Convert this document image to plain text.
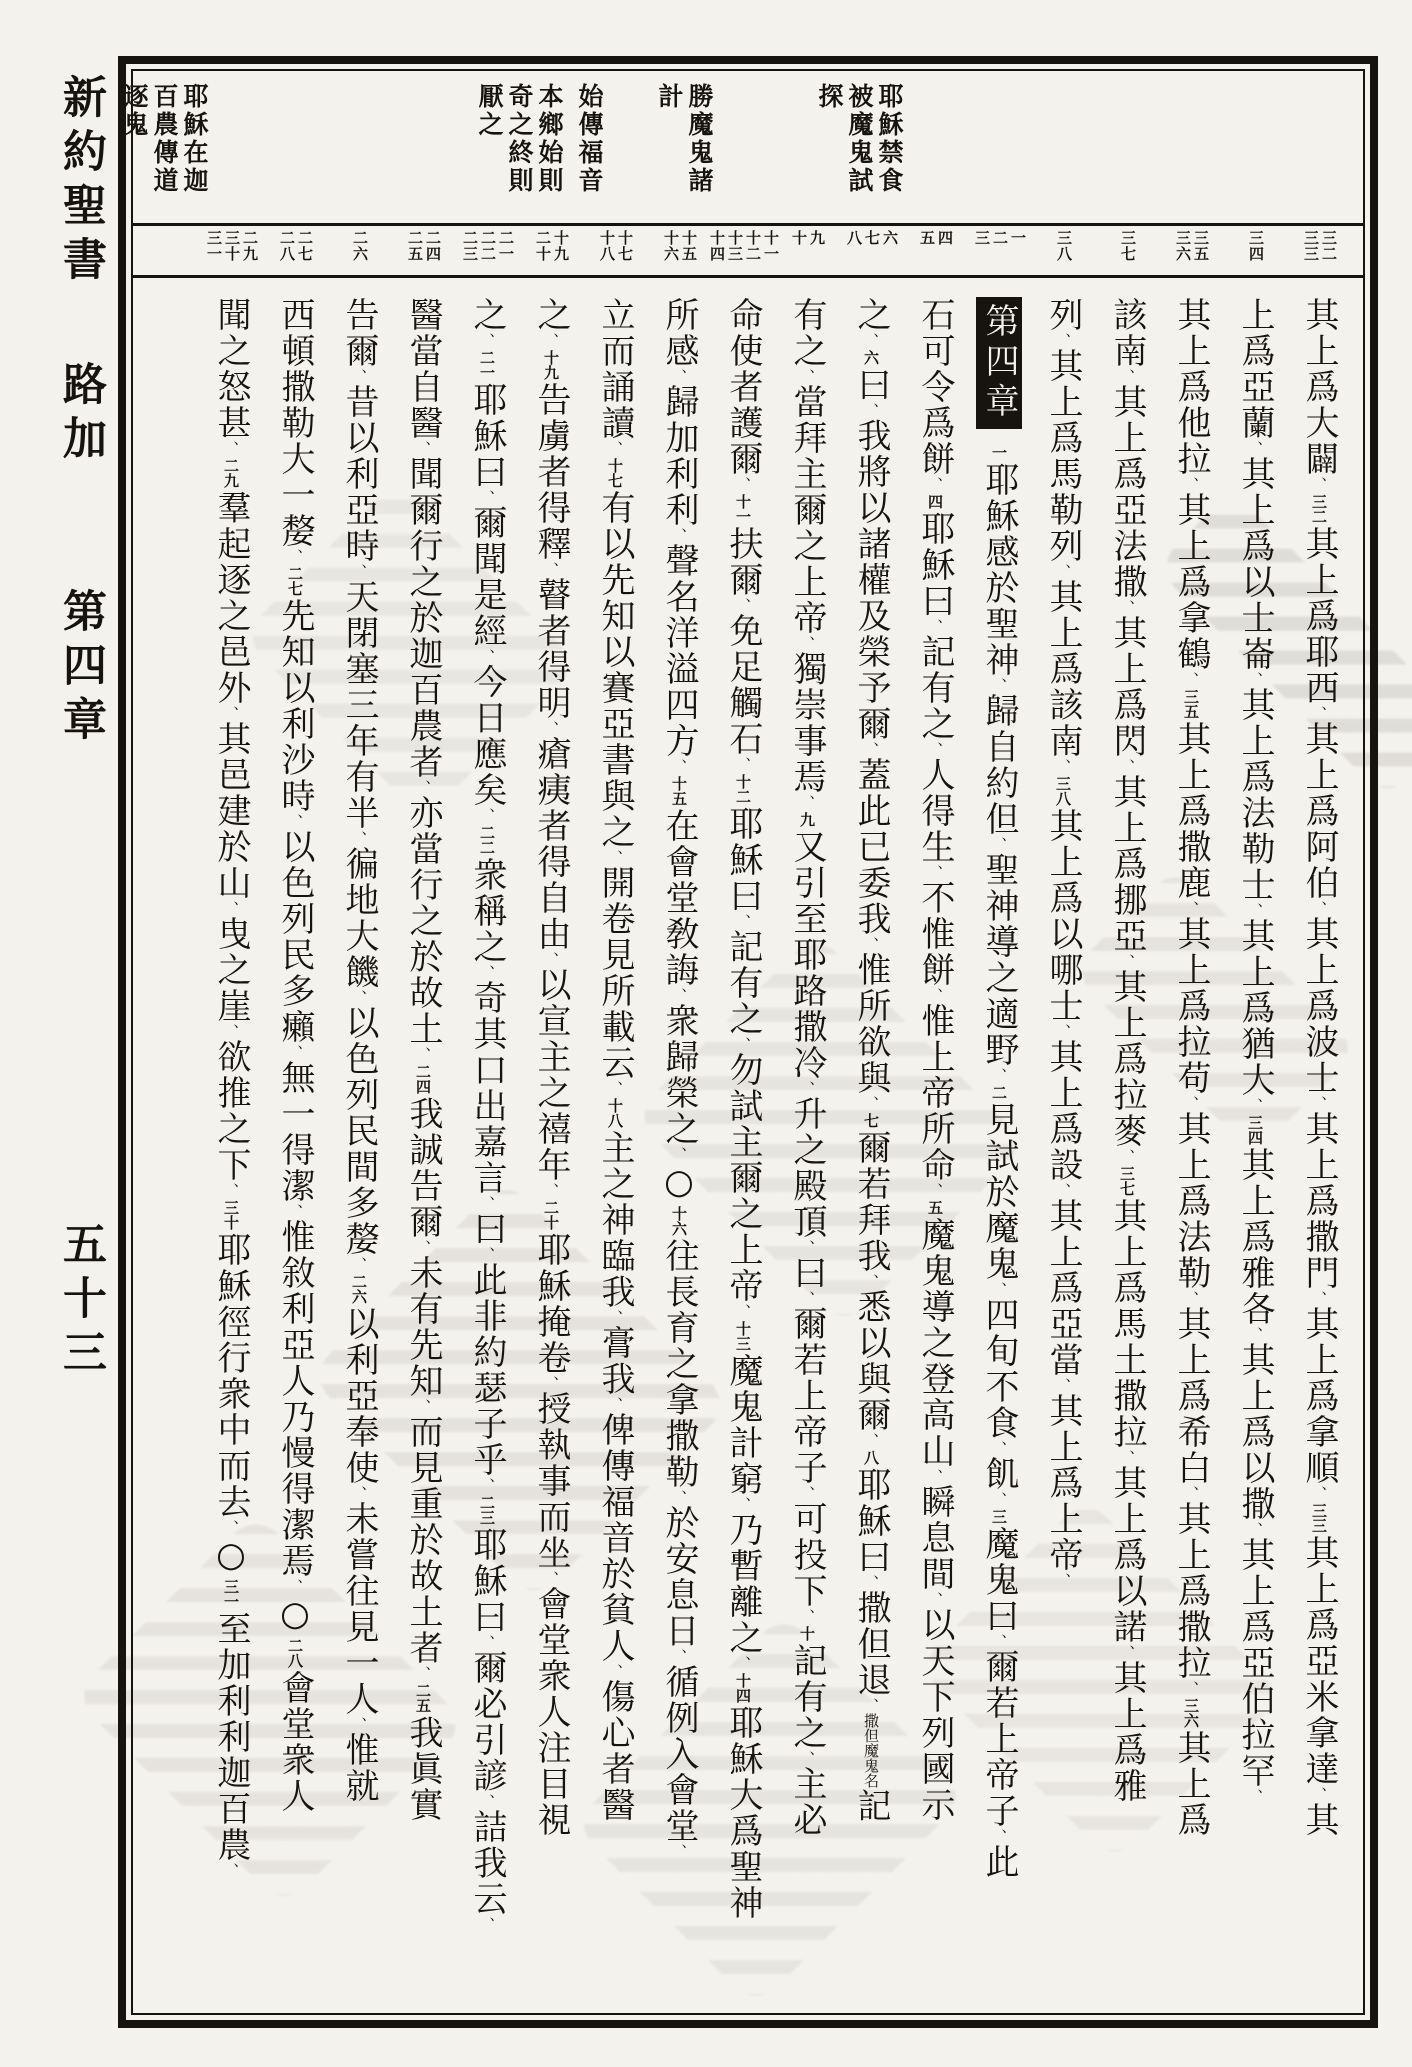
新約聖書
路加
第四章
五十三
耶穌禁食
被魔鬼試
探
勝魔鬼諸
計
始傳福音
本鄉始則
奇之終則
厭之
耶穌在迦
百農傳道
逐鬼
三二
三三
三四
三五
三六
三七
三八
一
二
三
四
五
六
七
八
九
十
十一
十二
十三
十四
十五
十六
十七
十八
十九
二十
二一
二二
二三
二四
二五
二六
二七
二八
二九
三十
三一
其上爲大闢、三二其上爲耶西、其上爲阿伯、其上爲波士、其上爲撒門、其上爲拿順、三三其上爲亞米拿達、其
上爲亞蘭、其上爲以士崙、其上爲法勒士、其上爲猶大、三四其上爲雅各、其上爲以撒、其上爲亞伯拉罕、
其上爲他拉、其上爲拿鶴、三五其上爲撒鹿、其上爲拉苟、其上爲法勒、其上爲希白、其上爲撒拉、三六其上爲
該南、其上爲亞法撒、其上爲閃、其上爲挪亞、其上爲拉麥、三七其上爲馬土撒拉、其上爲以諾、其上爲雅
列、其上爲馬勒列、其上爲該南、三八其上爲以哪士、其上爲設、其上爲亞當、其上爲上帝、
第四章一耶穌感於聖神、歸自約但、聖神導之適野、二見試於魔鬼、四旬不食、飢、三魔鬼曰、爾若上帝子、此
石可令爲餅、四耶穌曰、記有之、人得生、不惟餅、惟上帝所命、五魔鬼導之登高山、瞬息間、以天下列國示
之、六曰、我將以諸權及榮予爾、蓋此已委我、惟所欲與、七爾若拜我、悉以與爾、八耶穌曰、撒但退、撒但魔鬼名記
有之、當拜主爾之上帝、獨崇事焉、九又引至耶路撒冷、升之殿頂、曰、爾若上帝子、可投下、十記有之、主必
命使者護爾、十一扶爾、免足觸石、十二耶穌曰、記有之、勿試主爾之上帝、十三魔鬼計窮、乃暫離之、十四耶穌大爲聖神
所感、歸加利利、聲名洋溢四方、十五在會堂敎誨、衆歸榮之、○十六往長育之拿撒勒、於安息日、循例入會堂、
立而誦讀、十七有以先知以賽亞書與之、開卷見所載云、十八主之神臨我、膏我、俾傳福音於貧人、傷心者醫
之、十九告虜者得釋、瞽者得明、瘡痍者得自由、以宣主之禧年、二十耶穌掩卷、授執事而坐、會堂衆人注目視
之、二一耶穌曰、爾聞是經、今日應矣、二二衆稱之、奇其口出嘉言、曰、此非約瑟子乎、二三耶穌曰、爾必引諺、詰我云、
醫當自醫、聞爾行之於迦百農者、亦當行之於故土、二四我誠告爾、未有先知、而見重於故土者、二五我眞實
告爾、昔以利亞時、天閉塞三年有半、徧地大饑、以色列民間多嫠、二六以利亞奉使、未嘗往見一人、惟就
西頓撒勒大一嫠、二七先知以利沙時、以色列民多癩、無一得潔、惟敘利亞人乃慢得潔焉、○二八會堂衆人
聞之怒甚、二九羣起逐之邑外、其邑建於山、曳之崖、欲推之下、三十耶穌徑行衆中而去、○三一至加利利迦百農、
